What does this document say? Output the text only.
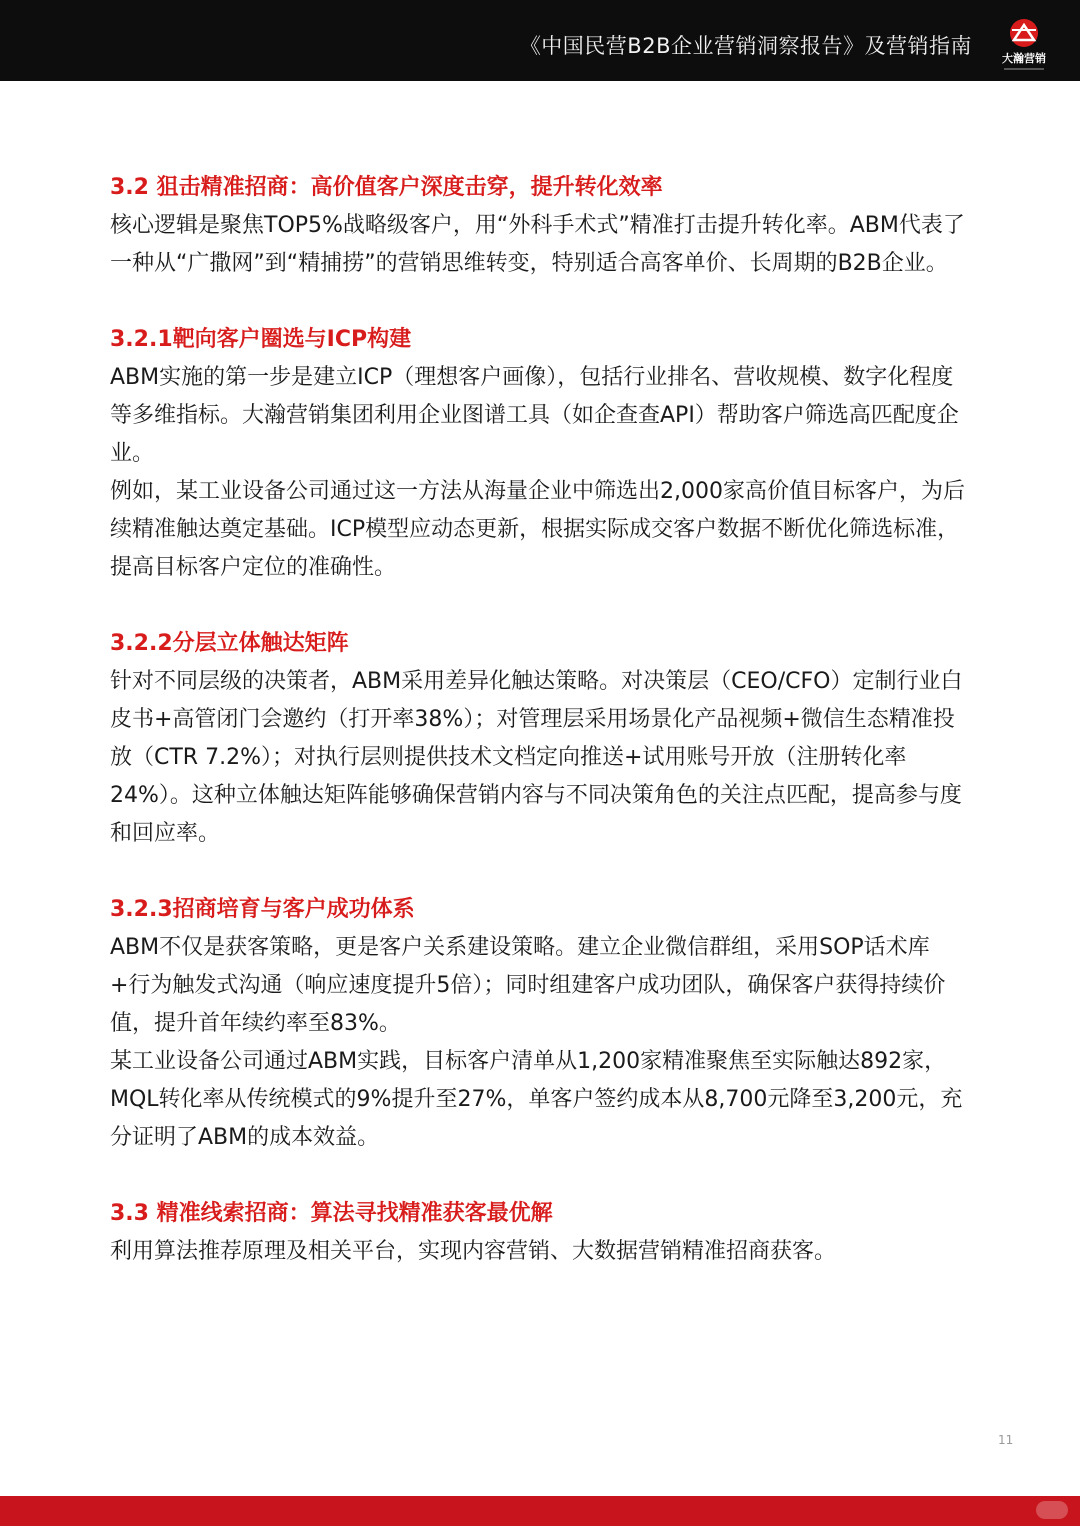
《中国民营B2B企业营销洞察报告》及营销指南
大瀚营销
3.2 狙击精准招商：高价值客户深度击穿，提升转化效率

核心逻辑是聚焦TOP5%战略级客户，用“外科手术式”精准打击提升转化率。ABM代表了一种从“广撒网”到“精捕捞”的营销思维转变，特别适合高客单价、长周期的B2B企业。

3.2.1靶向客户圈选与ICP构建

ABM实施的第一步是建立ICP（理想客户画像），包括行业排名、营收规模、数字化程度等多维指标。大瀚营销集团利用企业图谱工具（如企查查API）帮助客户筛选高匹配度企业。

例如，某工业设备公司通过这一方法从海量企业中筛选出2,000家高价值目标客户，为后续精准触达奠定基础。ICP模型应动态更新，根据实际成交客户数据不断优化筛选标准，提高目标客户定位的准确性。

3.2.2分层立体触达矩阵

针对不同层级的决策者，ABM采用差异化触达策略。对决策层（CEO/CFO）定制行业白皮书+高管闭门会邀约（打开率38%）；对管理层采用场景化产品视频+微信生态精准投放（CTR 7.2%）；对执行层则提供技术文档定向推送+试用账号开放（注册转化率24%）。这种立体触达矩阵能够确保营销内容与不同决策角色的关注点匹配，提高参与度和回应率。

3.2.3招商培育与客户成功体系

ABM不仅是获客策略，更是客户关系建设策略。建立企业微信群组，采用SOP话术库+行为触发式沟通（响应速度提升5倍）；同时组建客户成功团队，确保客户获得持续价值，提升首年续约率至83%。

某工业设备公司通过ABM实践，目标客户清单从1,200家精准聚焦至实际触达892家，MQL转化率从传统模式的9%提升至27%，单客户签约成本从8,700元降至3,200元，充分证明了ABM的成本效益。

3.3 精准线索招商：算法寻找精准获客最优解

利用算法推荐原理及相关平台，实现内容营销、大数据营销精准招商获客。

11
